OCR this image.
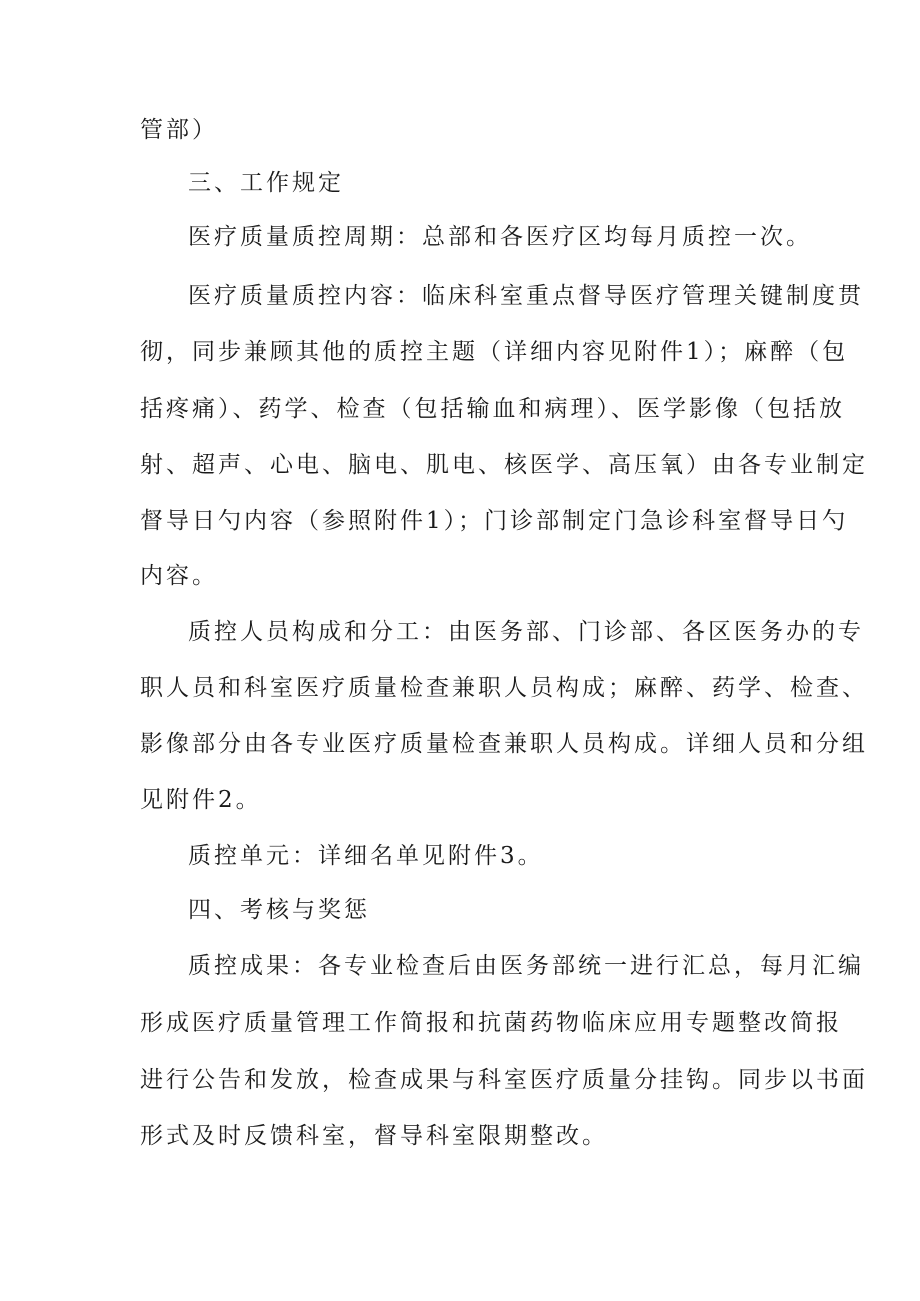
管部）
三、工作规定
医疗质量质控周期：总部和各医疗区均每月质控一次。
医疗质量质控内容：临床科室重点督导医疗管理关键制度贯
彻，同步兼顾其他的质控主题（详细内容见附件1）；麻醉（包
括疼痛）、药学、检查（包括输血和病理）、医学影像（包括放
射、超声、心电、脑电、肌电、核医学、高压氧）由各专业制定
督导日勺内容（参照附件1）；门诊部制定门急诊科室督导日勺
内容。
质控人员构成和分工：由医务部、门诊部、各区医务办的专
职人员和科室医疗质量检查兼职人员构成；麻醉、药学、检查、
影像部分由各专业医疗质量检查兼职人员构成。详细人员和分组
见附件2。
质控单元：详细名单见附件3。
四、考核与奖惩
质控成果：各专业检查后由医务部统一进行汇总，每月汇编
形成医疗质量管理工作简报和抗菌药物临床应用专题整改简报
进行公告和发放，检查成果与科室医疗质量分挂钩。同步以书面
形式及时反馈科室，督导科室限期整改。
